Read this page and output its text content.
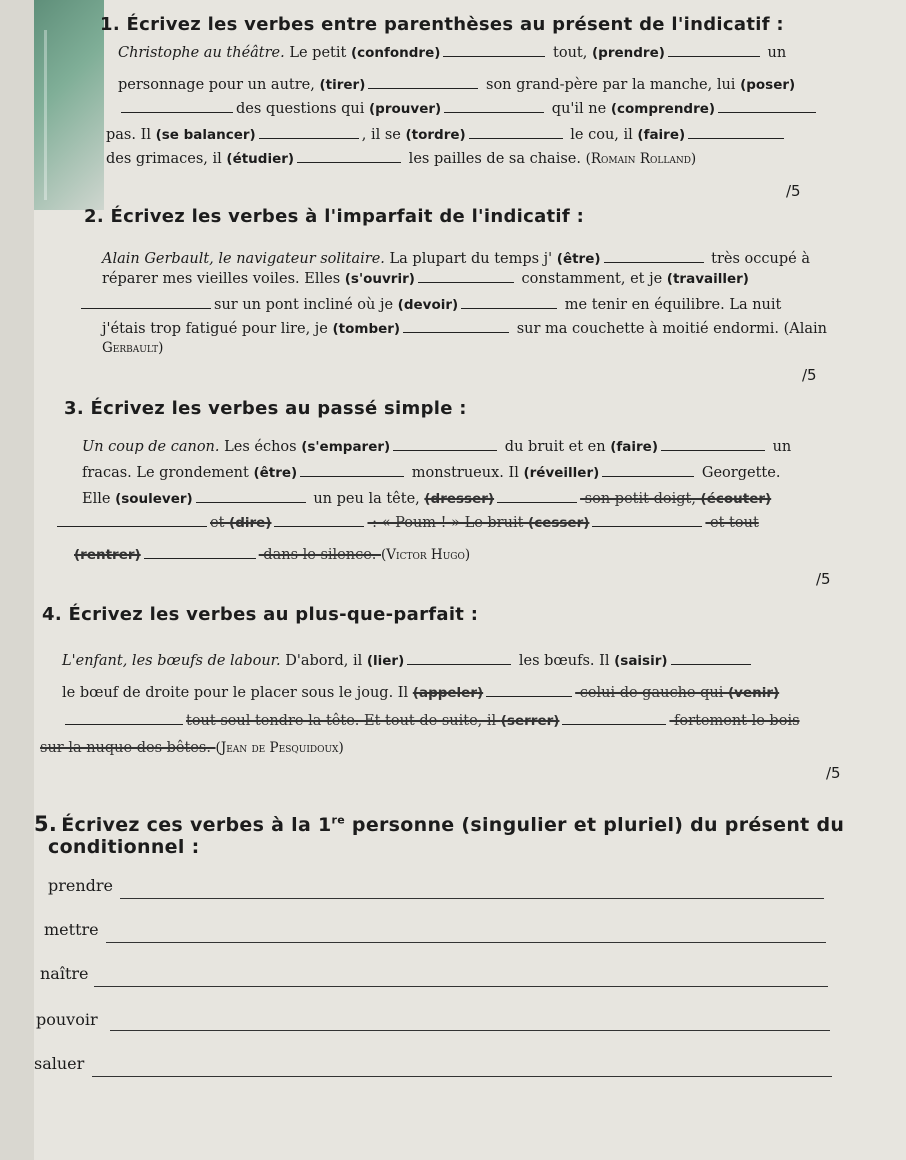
1. Écrivez les verbes entre parenthèses au présent de l'indicatif :
Christophe au théâtre. Le petit (confondre)	tout, (prendre)	un
personnage pour un autre, (tirer)	son grand-père par la manche, lui (poser)
des questions qui (prouver)	qu'il ne (comprendre)
pas. Il (se balancer)	, il se (tordre)	le cou, il (faire)
des grimaces, il (étudier)	les pailles de sa chaise. (Romain Rolland)
/5
2. Écrivez les verbes à l'imparfait de l'indicatif :
Alain Gerbault, le navigateur solitaire. La plupart du temps j' (être)	très occupé à
réparer mes vieilles voiles. Elles (s'ouvrir)	constamment, et je (travailler)
sur un pont incliné où je (devoir)	me tenir en équilibre. La nuit
j'étais trop fatigué pour lire, je (tomber)	sur ma couchette à moitié endormi. (Alain
Gerbault)
/5
3. Écrivez les verbes au passé simple :
Un coup de canon. Les échos (s'emparer)	du bruit et en (faire)	un
fracas. Le grondement (être)	monstrueux. Il (réveiller)	Georgette.
Elle (soulever)	un peu la tête, (dresser)	son petit doigt, (écouter)
et (dire)	: « Poum ! » Le bruit (cesser)	et tout
(rentrer)	dans le silence. (Victor Hugo)
/5
4. Écrivez les verbes au plus-que-parfait :
L'enfant, les bœufs de labour. D'abord, il (lier)	les bœufs. Il (saisir)
le bœuf de droite pour le placer sous le joug. Il (appeler)	celui de gauche qui (venir)
tout seul tendre la tête. Et tout de suite, il (serrer)	fortement le bois
sur la nuque des bêtes. (Jean de Pesquidoux)
/5
5. Écrivez ces verbes à la 1re personne (singulier et pluriel) du présent du
conditionnel :
prendre
mettre
naître
pouvoir
saluer
